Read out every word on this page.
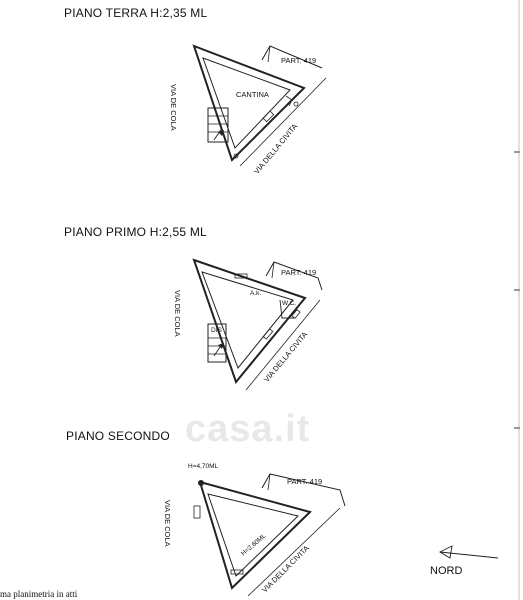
casa.it
PIANO TERRA H:2,35 ML
PART. 419
CANTINA
VIA DE COLA
VIA DELLA CIVITA
PIANO PRIMO H:2,55 ML
PART. 419
A.k.
W.C.
DIS
VIA DE COLA
VIA DELLA CIVITA
PIANO SECONDO
PART. 419
H=4,70ML
H=2,60ML
VIA DE COLA
VIA DELLA CIVITA	NORD
ma planimetria in atti
